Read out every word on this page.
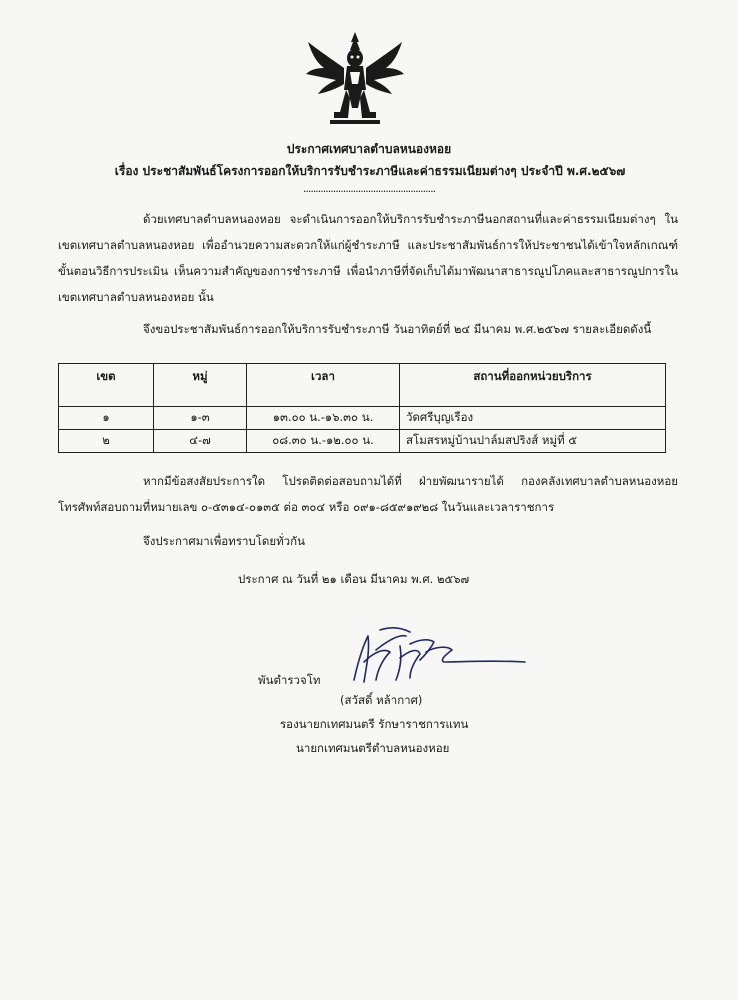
ประกาศเทศบาลตำบลหนองหอย
เรื่อง ประชาสัมพันธ์โครงการออกให้บริการรับชำระภาษีและค่าธรรมเนียมต่างๆ ประจำปี พ.ศ.๒๕๖๗
.....................................................
ด้วยเทศบาลตำบลหนองหอย จะดำเนินการออกให้บริการรับชำระภาษีนอกสถานที่และค่าธรรมเนียมต่างๆ ในเขตเทศบาลตำบลหนองหอย เพื่ออำนวยความสะดวกให้แก่ผู้ชำระภาษี และประชาสัมพันธ์การให้ประชาชนได้เข้าใจหลักเกณฑ์ ขั้นตอนวิธีการประเมิน เห็นความสำคัญของการชำระภาษี เพื่อนำภาษีที่จัดเก็บได้มาพัฒนาสาธารณูปโภคและสาธารณูปการในเขตเทศบาลตำบลหนองหอย นั้น
จึงขอประชาสัมพันธ์การออกให้บริการรับชำระภาษี วันอาทิตย์ที่ ๒๔ มีนาคม พ.ศ.๒๕๖๗ รายละเอียดดังนี้
เขต	หมู่	เวลา	สถานที่ออกหน่วยบริการ
๑	๑-๓	๑๓.๐๐ น.-๑๖.๓๐ น.	วัดศรีบุญเรือง
๒	๔-๗	๐๘.๓๐ น.-๑๒.๐๐ น.	สโมสรหมู่บ้านปาล์มสปริงส์ หมู่ที่ ๕
หากมีข้อสงสัยประการใด โปรดติดต่อสอบถามได้ที่ ฝ่ายพัฒนารายได้ กองคลังเทศบาลตำบลหนองหอย โทรศัพท์สอบถามที่หมายเลข ๐-๕๓๑๔-๐๑๓๕ ต่อ ๓๐๔ หรือ ๐๙๑-๘๕๙๑๙๒๘ ในวันและเวลาราชการ
จึงประกาศมาเพื่อทราบโดยทั่วกัน
ประกาศ ณ วันที่ ๒๑ เดือน มีนาคม พ.ศ. ๒๕๖๗
พันตำรวจโท
(สวัสดิ์ หล้ากาศ)
รองนายกเทศมนตรี รักษาราชการแทน
นายกเทศมนตรีตำบลหนองหอย
